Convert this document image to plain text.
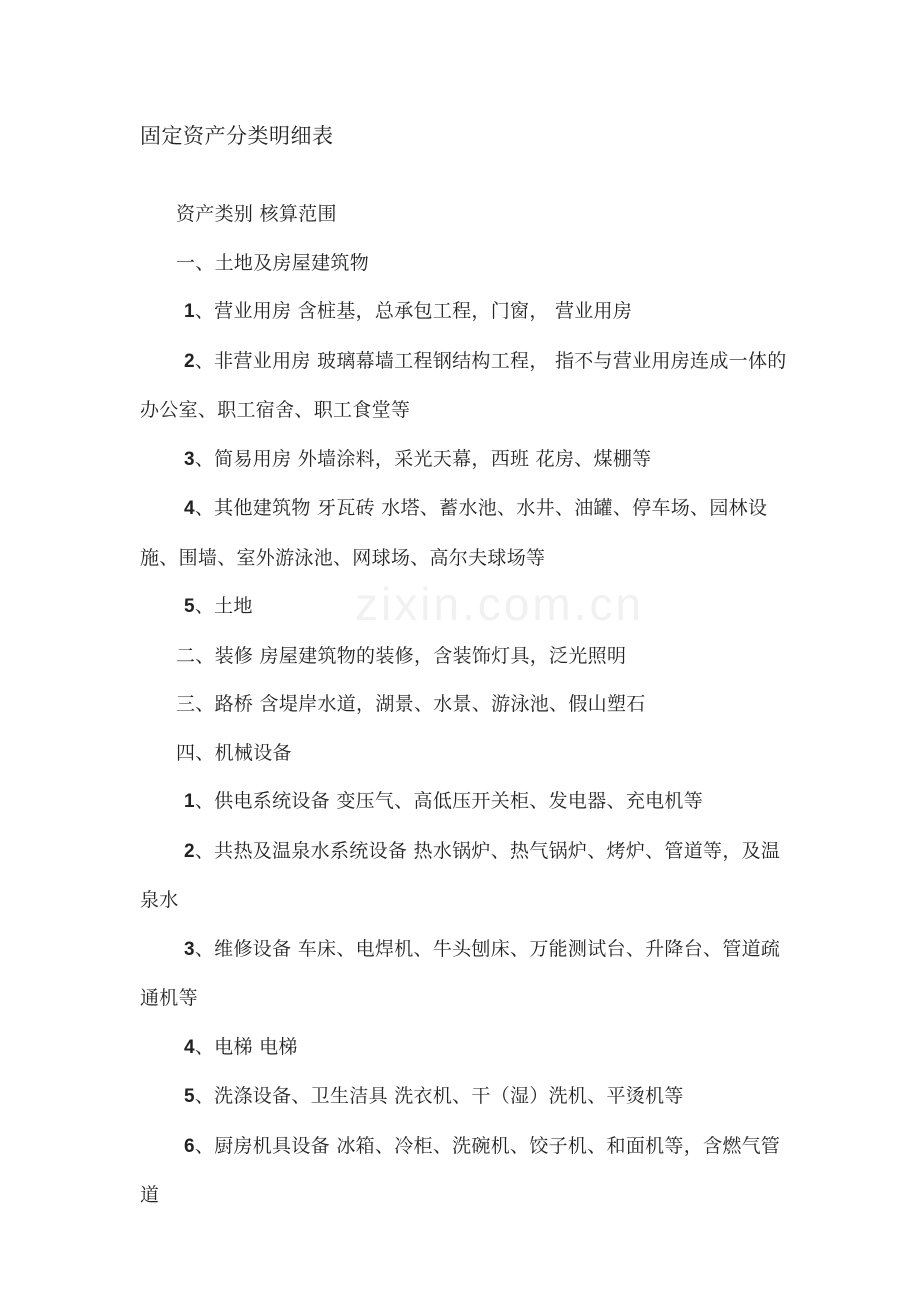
zixin.com.cn
固定资产分类明细表

资产类别 核算范围

一、土地及房屋建筑物

1、营业用房 含桩基，总承包工程，门窗， 营业用房

2、非营业用房 玻璃幕墙工程钢结构工程， 指不与营业用房连成一体的办公室、职工宿舍、职工食堂等

3、简易用房 外墙涂料，采光天幕，西班 花房、煤棚等

4、其他建筑物 牙瓦砖 水塔、蓄水池、水井、油罐、停车场、园林设施、围墙、室外游泳池、网球场、高尔夫球场等

5、土地

二、装修 房屋建筑物的装修，含装饰灯具，泛光照明

三、路桥 含堤岸水道，湖景、水景、游泳池、假山塑石

四、机械设备

1、供电系统设备 变压气、高低压开关柜、发电器、充电机等

2、共热及温泉水系统设备 热水锅炉、热气锅炉、烤炉、管道等，及温泉水

3、维修设备 车床、电焊机、牛头刨床、万能测试台、升降台、管道疏通机等

4、电梯 电梯

5、洗涤设备、卫生洁具 洗衣机、干（湿）洗机、平烫机等

6、厨房机具设备 冰箱、冷柜、洗碗机、饺子机、和面机等，含燃气管道
